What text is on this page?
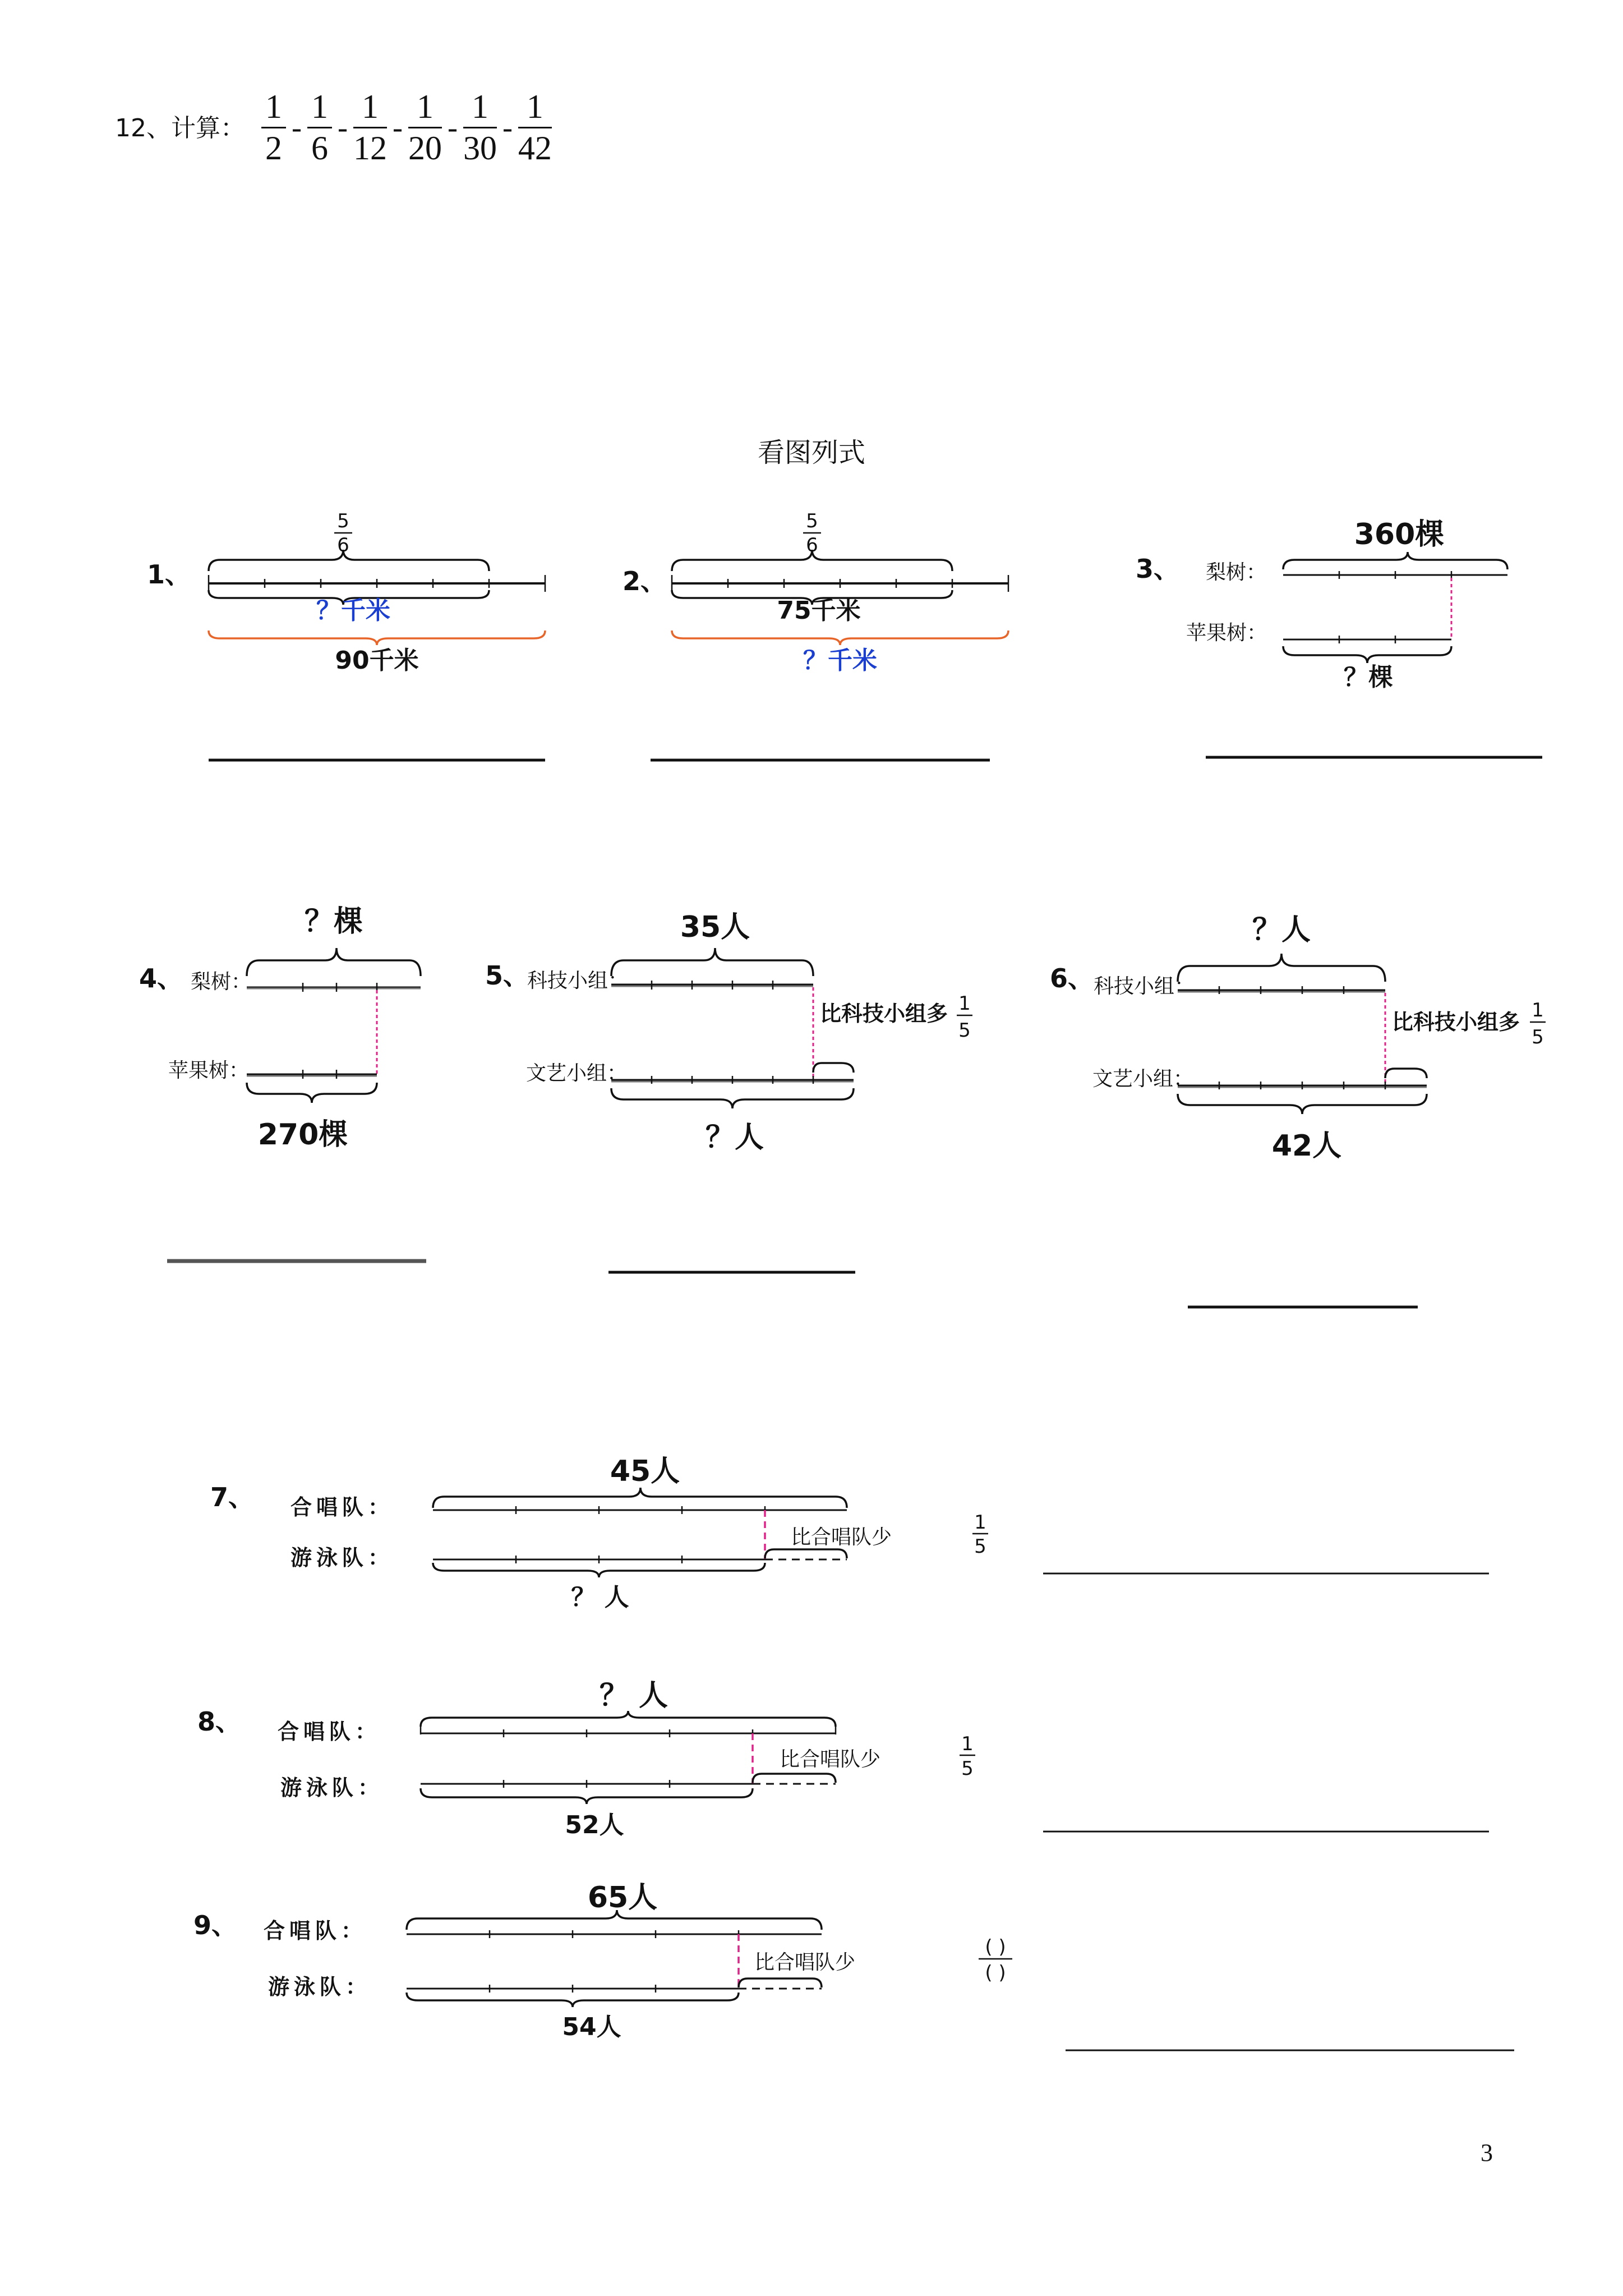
12、计算： $\frac{1}{2} - \frac{1}{6} - \frac{1}{12} - \frac{1}{20} - \frac{1}{30} - \frac{1}{42}$
看图列式
1、
5
6
？千米
90千米
2、
5
6
75千米
？千米
3、 梨树：
苹果树：
360棵
？棵
4、 梨树：
苹果树：
？棵
270棵
5、
科技小组：
文艺小组：
35人
比科技小组多 1
5
？人
6、 科技小组：
文艺小组：
？人
比科技小组多 1
5
42人
7、 合唱队：
游泳队：
45人
比合唱队少
1
5
？ 人
8、 合唱队：
游泳队：
？ 人
比合唱队少
1
5
52人
9、 合唱队：
游泳队：
65人
比合唱队少
( )
( )
54人
3
